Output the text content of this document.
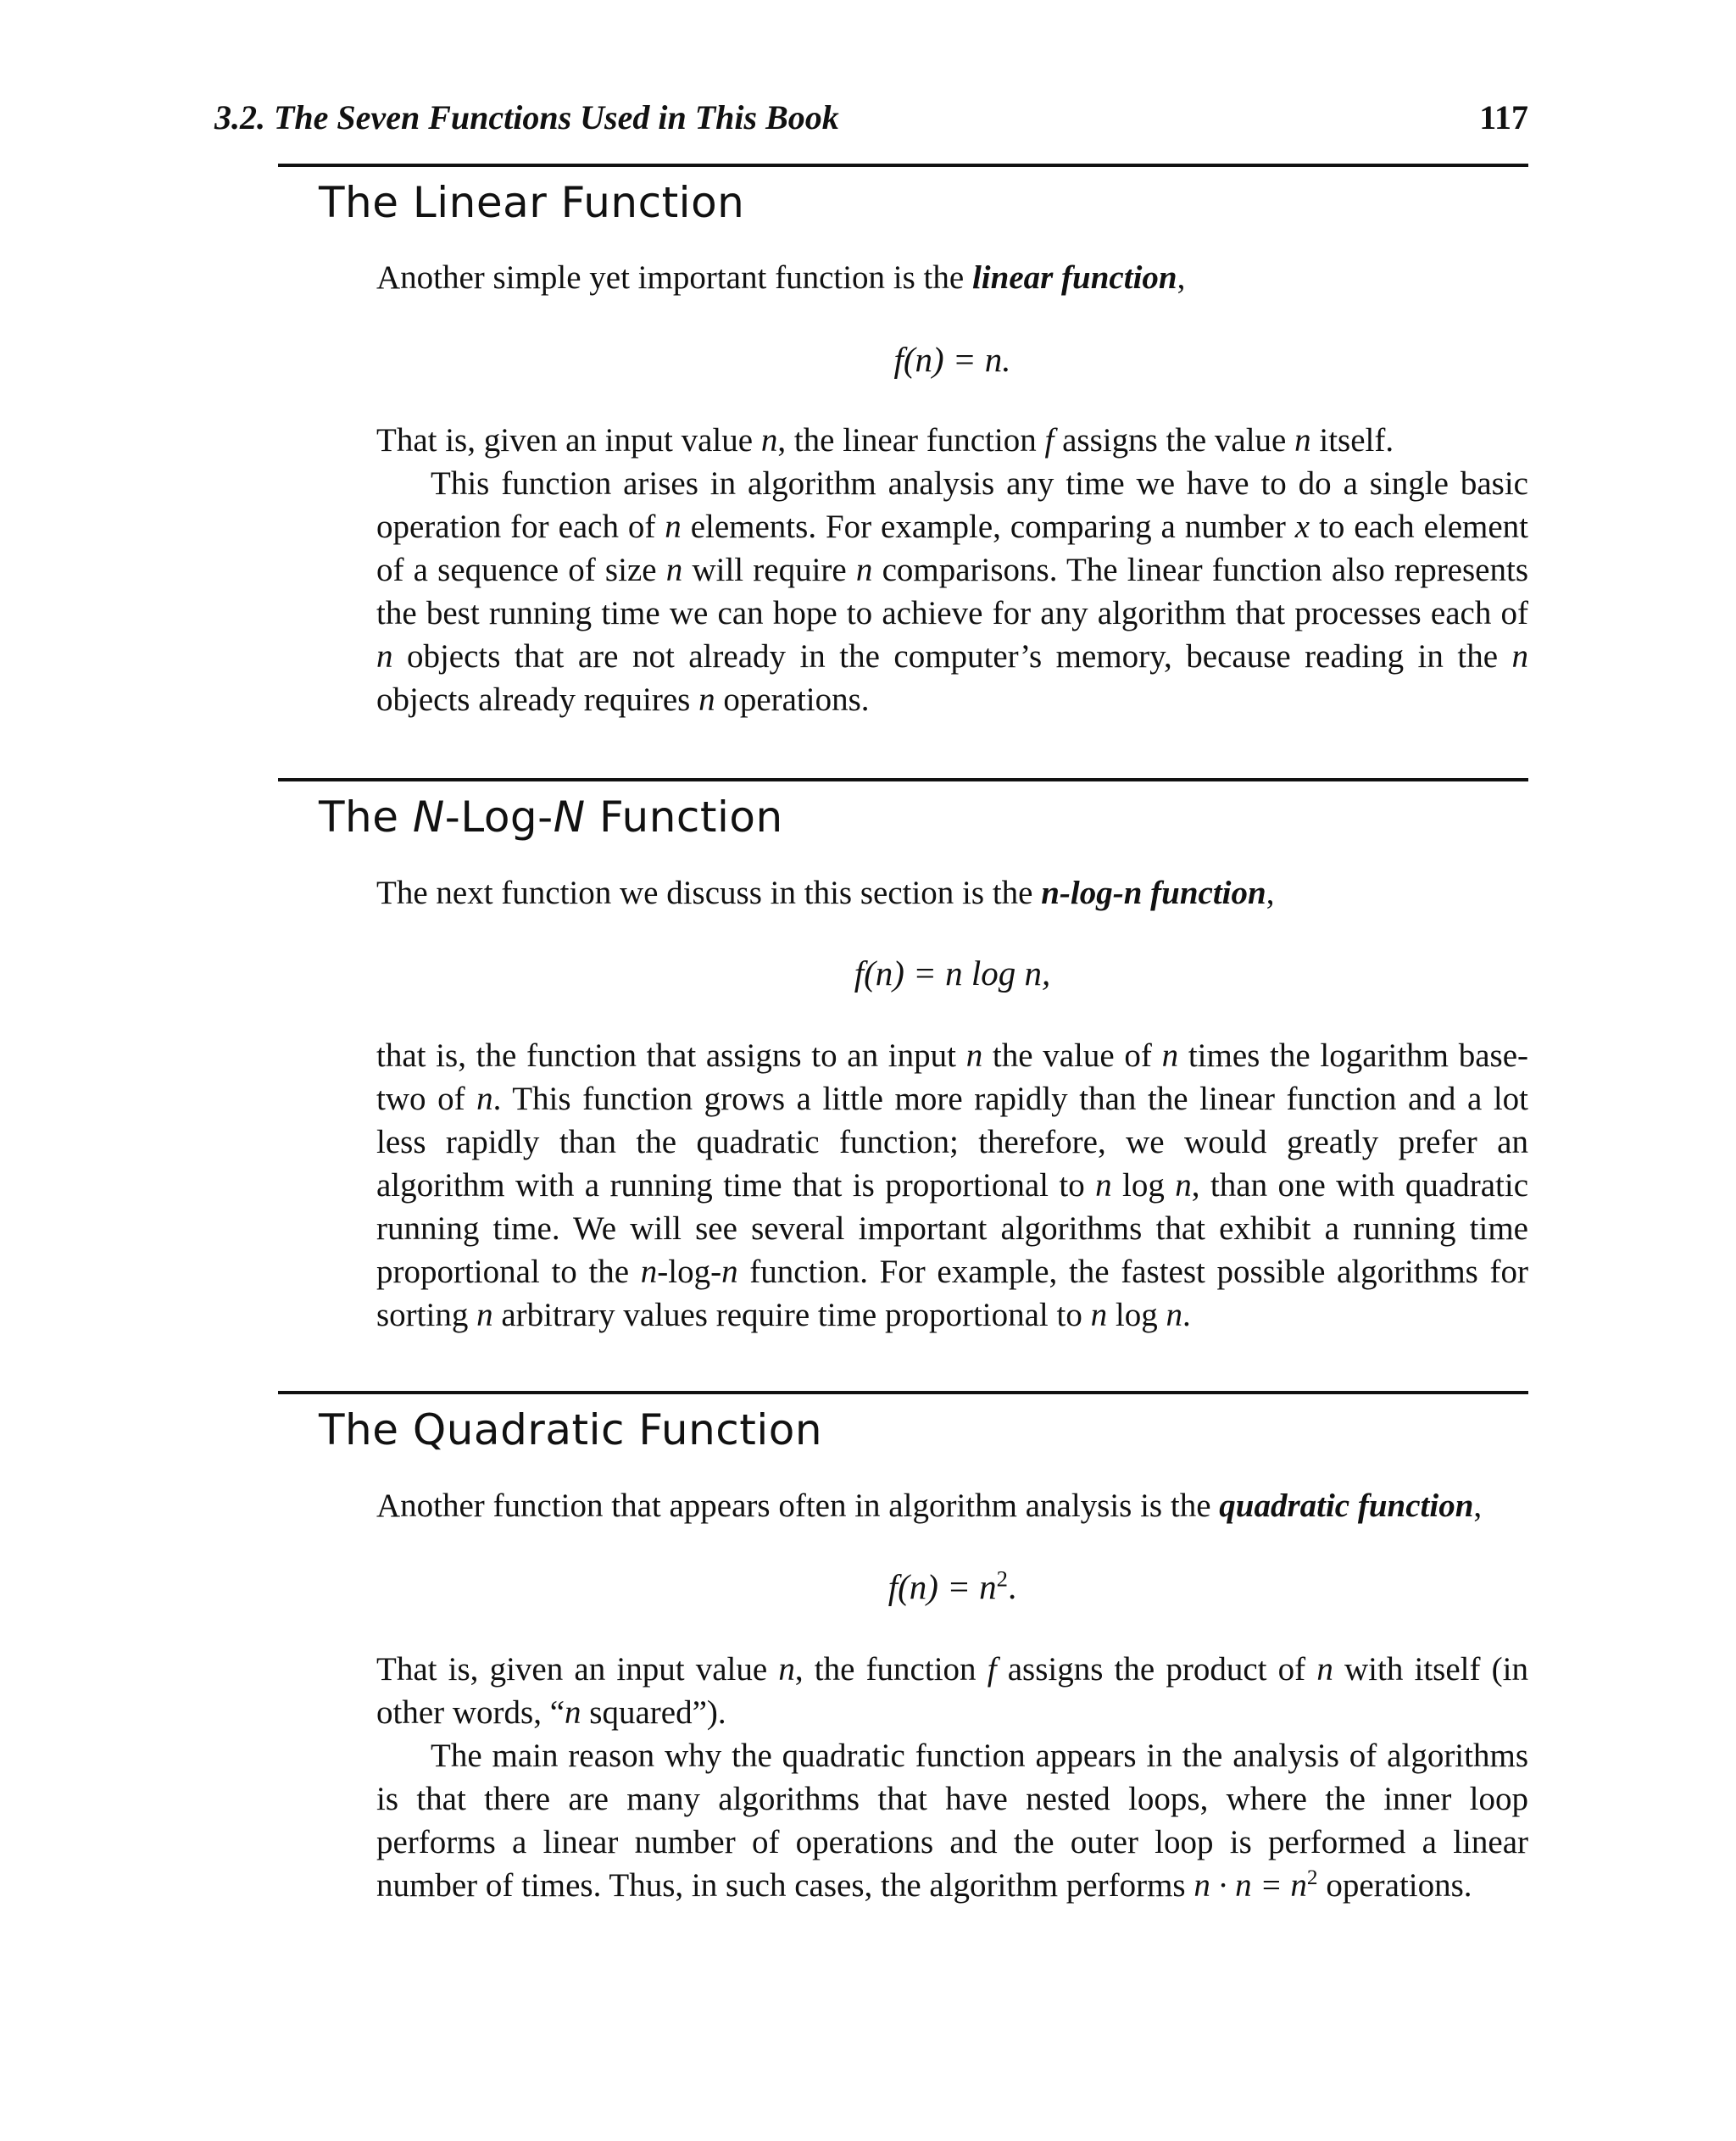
3.2. The Seven Functions Used in This Book	117
The Linear Function

Another simple yet important function is the linear function,

f(n) = n.

That is, given an input value n, the linear function f assigns the value n itself.

This function arises in algorithm analysis any time we have to do a single basic operation for each of n elements. For example, comparing a number x to each element of a sequence of size n will require n comparisons. The linear function also represents the best running time we can hope to achieve for any algorithm that processes each of n objects that are not already in the computer’s memory, because reading in the n objects already requires n operations.

The N-Log-N Function

The next function we discuss in this section is the n-log-n function,

f(n) = n log n,

that is, the function that assigns to an input n the value of n times the logarithm base-two of n. This function grows a little more rapidly than the linear function and a lot less rapidly than the quadratic function; therefore, we would greatly prefer an algorithm with a running time that is proportional to n log n, than one with quadratic running time. We will see several important algorithms that exhibit a running time proportional to the n-log-n function. For example, the fastest possible algorithms for sorting n arbitrary values require time proportional to n log n.

The Quadratic Function

Another function that appears often in algorithm analysis is the quadratic function,

$f(n) = n^2$.

That is, given an input value n, the function f assigns the product of n with itself (in other words, “n squared”).

The main reason why the quadratic function appears in the analysis of algorithms is that there are many algorithms that have nested loops, where the inner loop performs a linear number of operations and the outer loop is performed a linear number of times. Thus, in such cases, the algorithm performs $n \cdot n = n^2$ operations.
